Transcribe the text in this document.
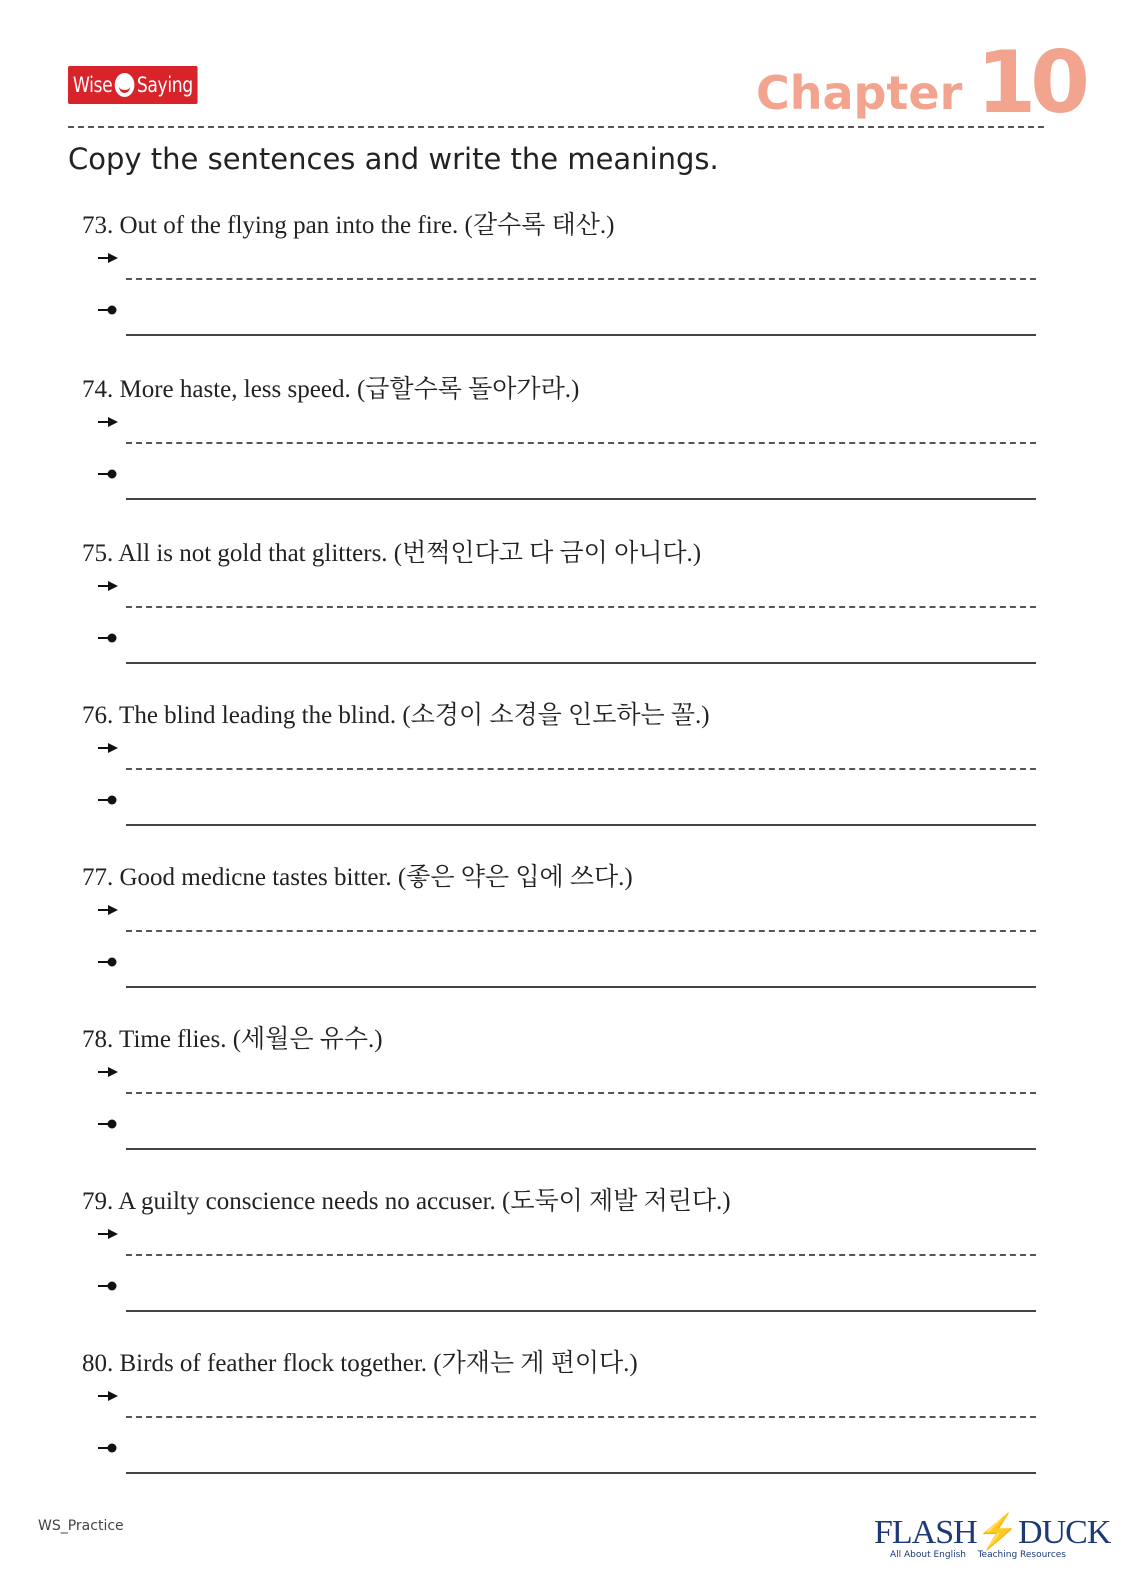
Wise Saying	Chapter 10
Copy the sentences and write the meanings.
73. Out of the flying pan into the fire. (갈수록 태산.)
74. More haste, less speed. (급할수록 돌아가라.)
75. All is not gold that glitters. (번쩍인다고 다 금이 아니다.)
76. The blind leading the blind. (소경이 소경을 인도하는 꼴.)
77. Good medicne tastes bitter. (좋은 약은 입에 쓰다.)
78. Time flies. (세월은 유수.)
79. A guilty conscience needs no accuser. (도둑이 제발 저린다.)
80. Birds of feather flock together. (가재는 게 편이다.)
WS_Practice	FLASH⚡DUCK
All About English Teaching Resources
